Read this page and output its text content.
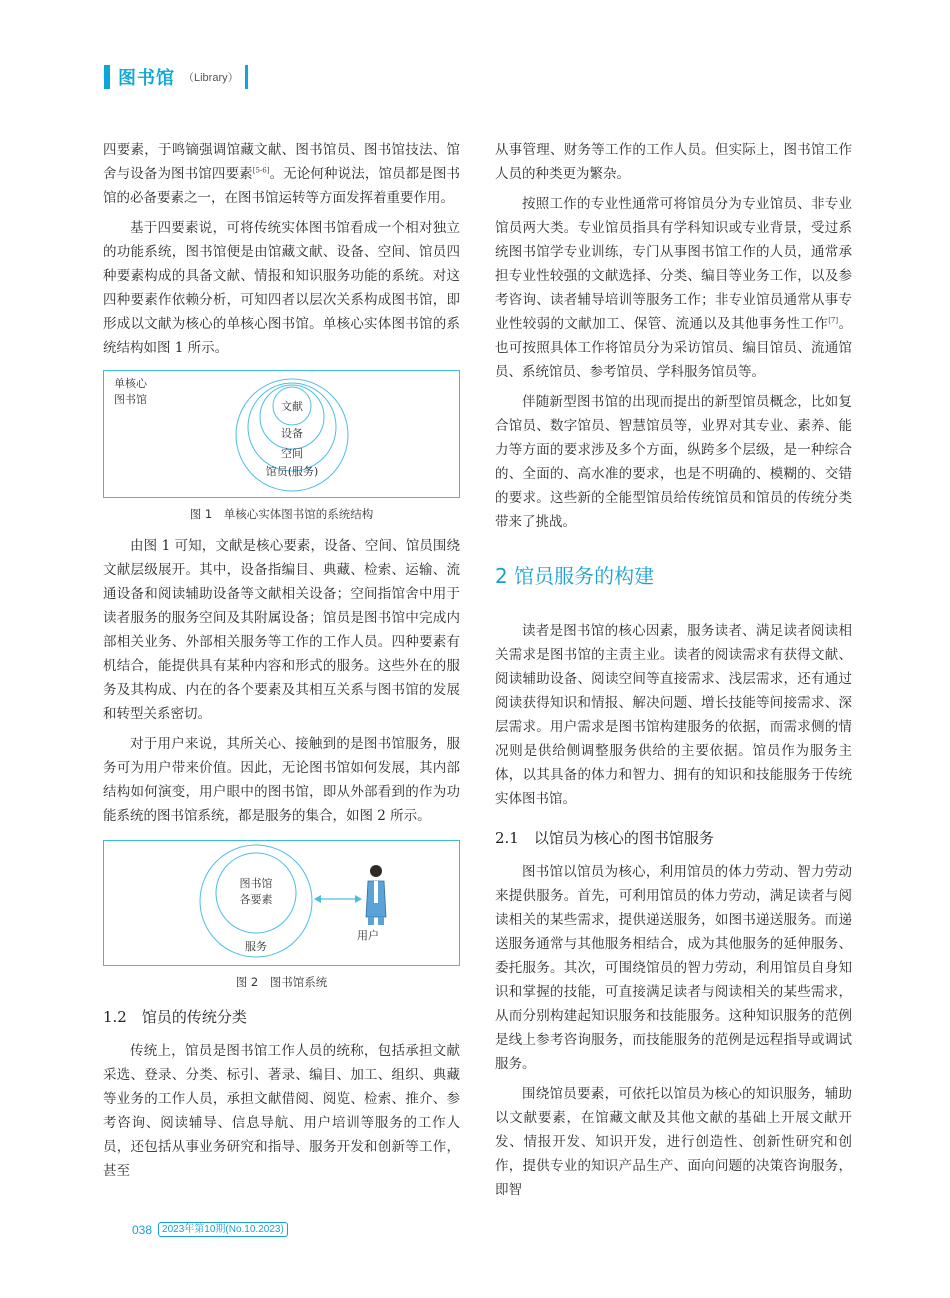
图书馆 （Library）

四要素，于鸣镝强调馆藏文献、图书馆员、图书馆技法、馆舍与设备为图书馆四要素[5-6]。无论何种说法，馆员都是图书馆的必备要素之一，在图书馆运转等方面发挥着重要作用。

基于四要素说，可将传统实体图书馆看成一个相对独立的功能系统，图书馆便是由馆藏文献、设备、空间、馆员四种要素构成的具备文献、情报和知识服务功能的系统。对这四种要素作依赖分析，可知四者以层次关系构成图书馆，即形成以文献为核心的单核心图书馆。单核心实体图书馆的系统结构如图 1 所示。

单核心
图书馆
文献
设备
空间
馆员(服务)
图 1　单核心实体图书馆的系统结构

由图 1 可知，文献是核心要素，设备、空间、馆员围绕文献层级展开。其中，设备指编目、典藏、检索、运输、流通设备和阅读辅助设备等文献相关设备；空间指馆舍中用于读者服务的服务空间及其附属设备；馆员是图书馆中完成内部相关业务、外部相关服务等工作的工作人员。四种要素有机结合，能提供具有某种内容和形式的服务。这些外在的服务及其构成、内在的各个要素及其相互关系与图书馆的发展和转型关系密切。

对于用户来说，其所关心、接触到的是图书馆服务，服务可为用户带来价值。因此，无论图书馆如何发展，其内部结构如何演变，用户眼中的图书馆，即从外部看到的作为功能系统的图书馆系统，都是服务的集合，如图 2 所示。

图书馆
各要素
服务
用户
图 2　图书馆系统
1.2　馆员的传统分类

传统上，馆员是图书馆工作人员的统称，包括承担文献采选、登录、分类、标引、著录、编目、加工、组织、典藏等业务的工作人员，承担文献借阅、阅览、检索、推介、参考咨询、阅读辅导、信息导航、用户培训等服务的工作人员，还包括从事业务研究和指导、服务开发和创新等工作，甚至

从事管理、财务等工作的工作人员。但实际上，图书馆工作人员的种类更为繁杂。

按照工作的专业性通常可将馆员分为专业馆员、非专业馆员两大类。专业馆员指具有学科知识或专业背景，受过系统图书馆学专业训练，专门从事图书馆工作的人员，通常承担专业性较强的文献选择、分类、编目等业务工作，以及参考咨询、读者辅导培训等服务工作；非专业馆员通常从事专业性较弱的文献加工、保管、流通以及其他事务性工作[7]。也可按照具体工作将馆员分为采访馆员、编目馆员、流通馆员、系统馆员、参考馆员、学科服务馆员等。

伴随新型图书馆的出现而提出的新型馆员概念，比如复合馆员、数字馆员、智慧馆员等，业界对其专业、素养、能力等方面的要求涉及多个方面，纵跨多个层级，是一种综合的、全面的、高水准的要求，也是不明确的、模糊的、交错的要求。这些新的全能型馆员给传统馆员和馆员的传统分类带来了挑战。

2 馆员服务的构建

读者是图书馆的核心因素，服务读者、满足读者阅读相关需求是图书馆的主责主业。读者的阅读需求有获得文献、阅读辅助设备、阅读空间等直接需求、浅层需求，还有通过阅读获得知识和情报、解决问题、增长技能等间接需求、深层需求。用户需求是图书馆构建服务的依据，而需求侧的情况则是供给侧调整服务供给的主要依据。馆员作为服务主体，以其具备的体力和智力、拥有的知识和技能服务于传统实体图书馆。

2.1　以馆员为核心的图书馆服务

图书馆以馆员为核心，利用馆员的体力劳动、智力劳动来提供服务。首先，可利用馆员的体力劳动，满足读者与阅读相关的某些需求，提供递送服务，如图书递送服务。而递送服务通常与其他服务相结合，成为其他服务的延伸服务、委托服务。其次，可围绕馆员的智力劳动，利用馆员自身知识和掌握的技能，可直接满足读者与阅读相关的某些需求，从而分别构建起知识服务和技能服务。这种知识服务的范例是线上参考咨询服务，而技能服务的范例是远程指导或调试服务。

围绕馆员要素，可依托以馆员为核心的知识服务，辅助以文献要素，在馆藏文献及其他文献的基础上开展文献开发、情报开发、知识开发，进行创造性、创新性研究和创作，提供专业的知识产品生产、面向问题的决策咨询服务，即智

038	2023年第10期(No.10.2023)
